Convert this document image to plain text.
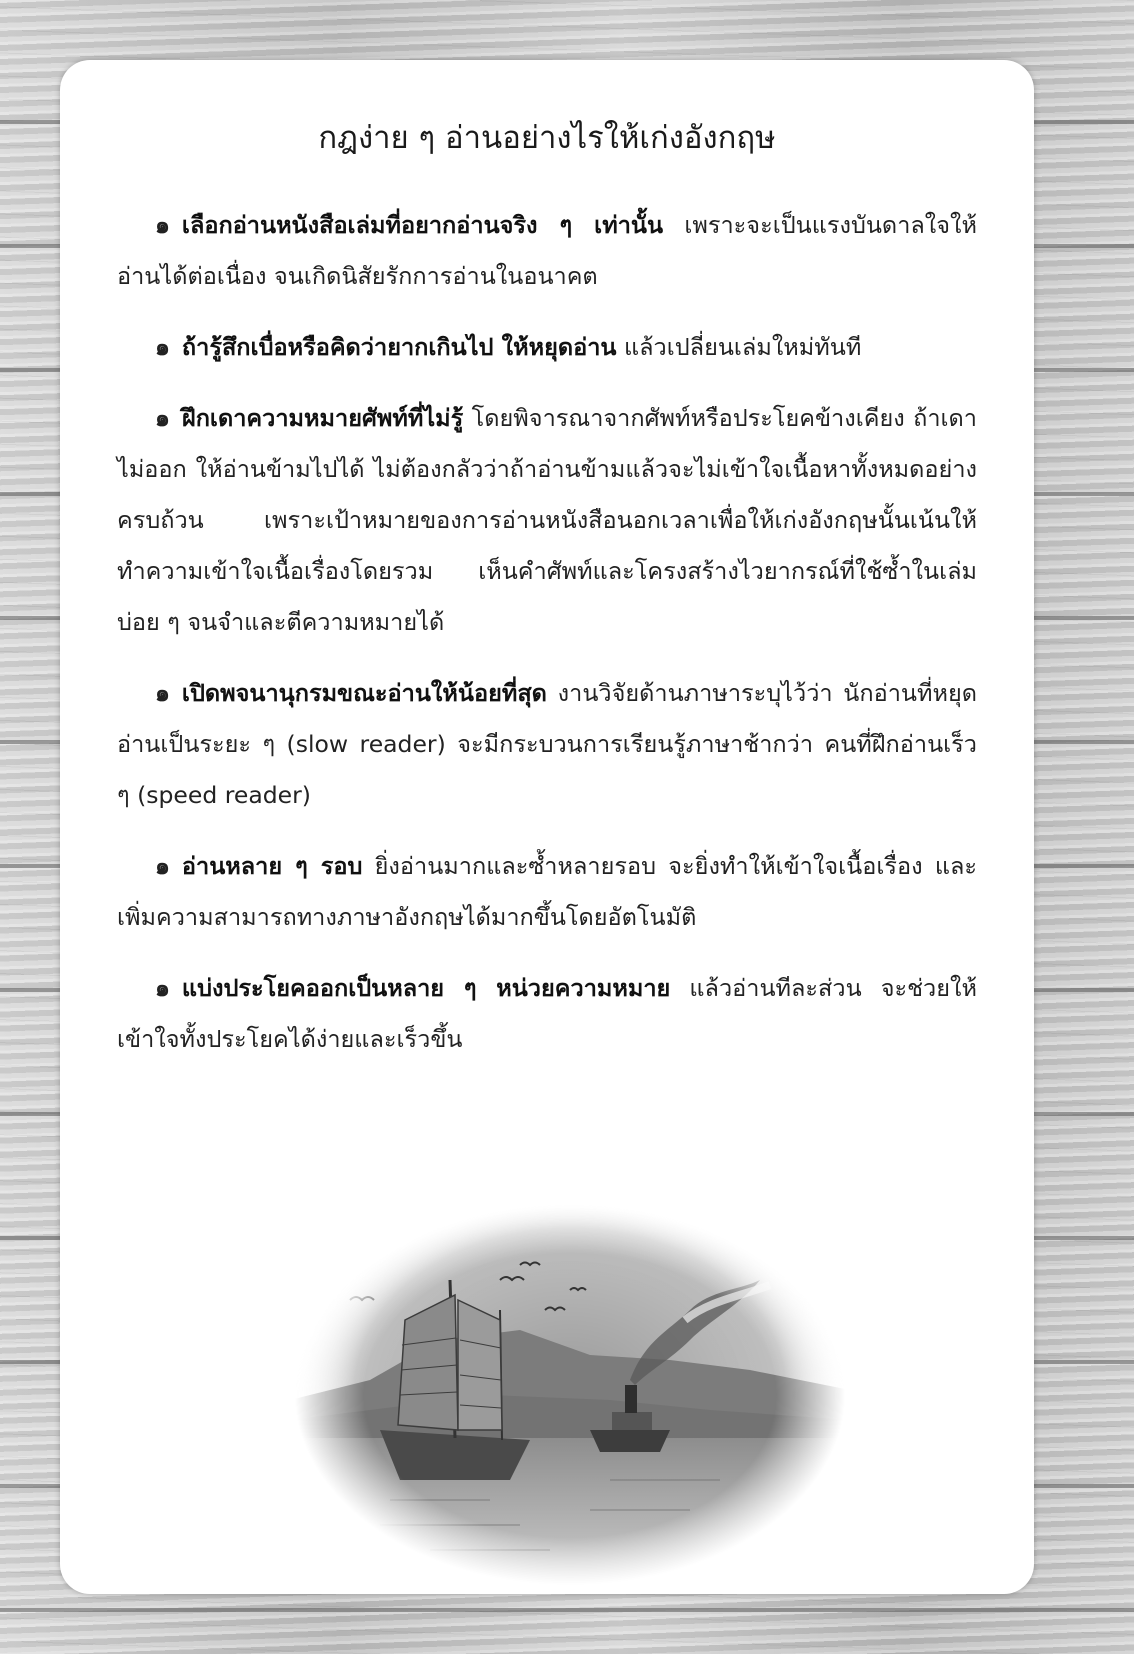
กฎง่าย ๆ อ่านอย่างไรให้เก่งอังกฤษ

๑ เลือกอ่านหนังสือเล่มที่อยากอ่านจริง ๆ เท่านั้น เพราะจะเป็นแรงบันดาลใจให้อ่านได้ต่อเนื่อง จนเกิดนิสัยรักการอ่านในอนาคต

๑ ถ้ารู้สึกเบื่อหรือคิดว่ายากเกินไป ให้หยุดอ่าน แล้วเปลี่ยนเล่มใหม่ทันที

๑ ฝึกเดาความหมายศัพท์ที่ไม่รู้ โดยพิจารณาจากศัพท์หรือประโยคข้างเคียง ถ้าเดาไม่ออก ให้อ่านข้ามไปได้ ไม่ต้องกลัวว่าถ้าอ่านข้ามแล้วจะไม่เข้าใจเนื้อหาทั้งหมดอย่างครบถ้วน เพราะเป้าหมายของการอ่านหนังสือนอกเวลาเพื่อให้เก่งอังกฤษนั้นเน้นให้ทำความเข้าใจเนื้อเรื่องโดยรวม เห็นคำศัพท์และโครงสร้างไวยากรณ์ที่ใช้ซ้ำในเล่มบ่อย ๆ จนจำและตีความหมายได้

๑ เปิดพจนานุกรมขณะอ่านให้น้อยที่สุด งานวิจัยด้านภาษาระบุไว้ว่า นักอ่านที่หยุดอ่านเป็นระยะ ๆ (slow reader) จะมีกระบวนการเรียนรู้ภาษาช้ากว่า คนที่ฝึกอ่านเร็ว ๆ (speed reader)

๑ อ่านหลาย ๆ รอบ ยิ่งอ่านมากและซ้ำหลายรอบ จะยิ่งทำให้เข้าใจเนื้อเรื่อง และเพิ่มความสามารถทางภาษาอังกฤษได้มากขึ้นโดยอัตโนมัติ

๑ แบ่งประโยคออกเป็นหลาย ๆ หน่วยความหมาย แล้วอ่านทีละส่วน จะช่วยให้เข้าใจทั้งประโยคได้ง่ายและเร็วขึ้น
